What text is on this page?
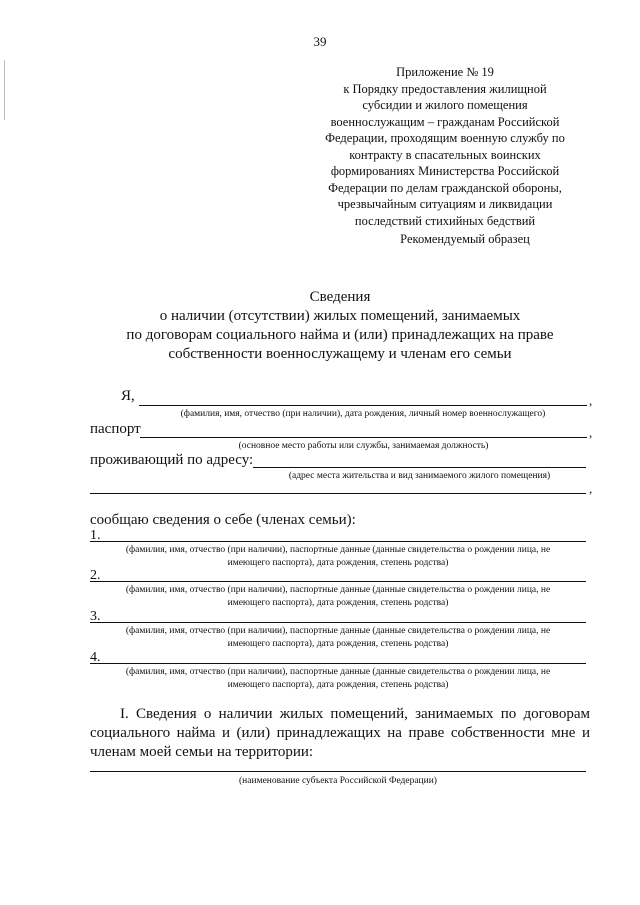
39
Приложение № 19
к Порядку предоставления жилищной
субсидии и жилого помещения
военнослужащим – гражданам Российской
Федерации, проходящим военную службу по
контракту в спасательных воинских
формированиях Министерства Российской
Федерации по делам гражданской обороны,
чрезвычайным ситуациям и ликвидации
последствий стихийных бедствий
Рекомендуемый образец
Сведения
о наличии (отсутствии) жилых помещений, занимаемых
по договорам социального найма и (или) принадлежащих на праве
собственности военнослужащему и членам его семьи
Я,	,
(фамилия, имя, отчество (при наличии), дата рождения, личный номер военнослужащего)
паспорт	,
(основное место работы или службы, занимаемая должность)
проживающий по адресу:
(адрес места жительства и вид занимаемого жилого помещения)
,
сообщаю сведения о себе (членах семьи):
1.
(фамилия, имя, отчество (при наличии), паспортные данные (данные свидетельства о рождении лица, не
имеющего паспорта), дата рождения, степень родства)
2.
(фамилия, имя, отчество (при наличии), паспортные данные (данные свидетельства о рождении лица, не
имеющего паспорта), дата рождения, степень родства)
3.
(фамилия, имя, отчество (при наличии), паспортные данные (данные свидетельства о рождении лица, не
имеющего паспорта), дата рождения, степень родства)
4.
(фамилия, имя, отчество (при наличии), паспортные данные (данные свидетельства о рождении лица, не
имеющего паспорта), дата рождения, степень родства)
I. Сведения о наличии жилых помещений, занимаемых по договорам социального найма и (или) принадлежащих на праве собственности мне и членам моей семьи на территории:
(наименование субъекта Российской Федерации)
